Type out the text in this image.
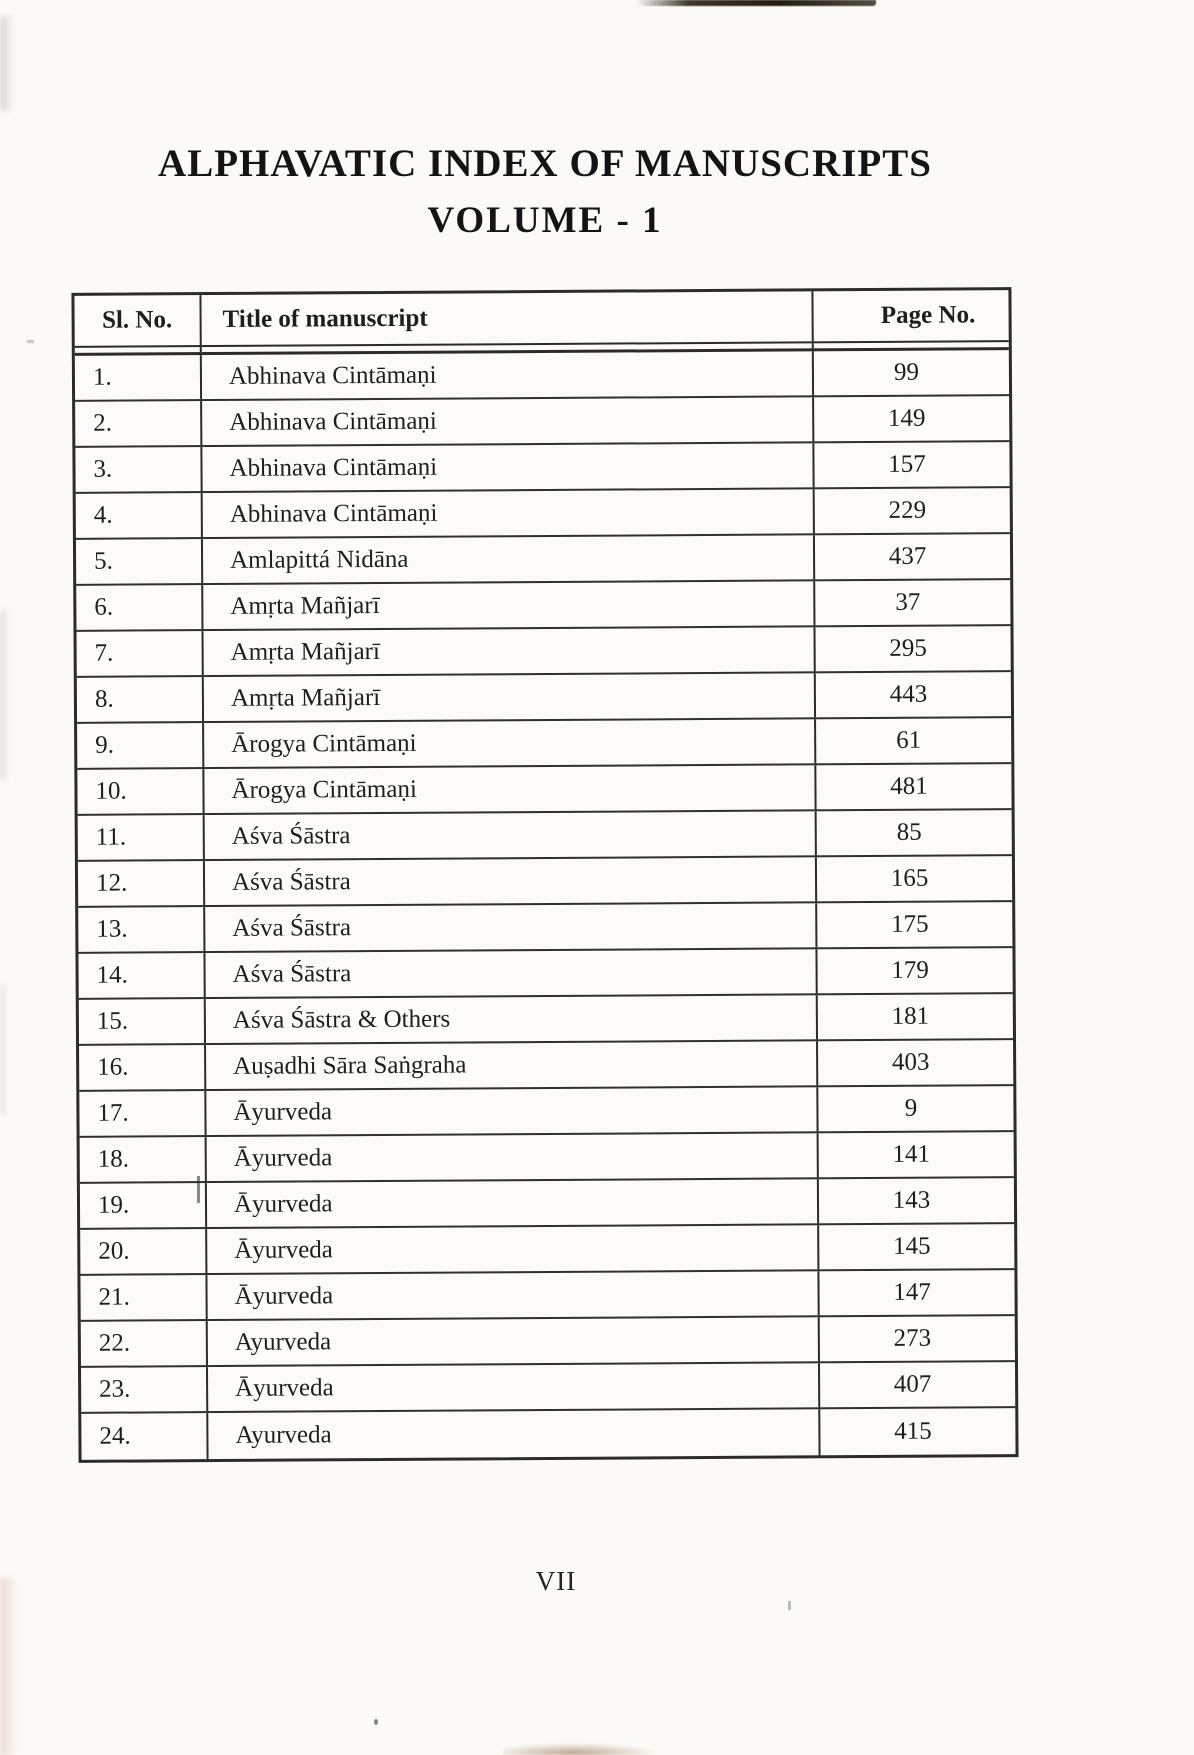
ALPHAVATIC INDEX OF MANUSCRIPTS
VOLUME - 1
Sl. No.	Title of manuscript	Page No.
1.	Abhinava Cintāmaṇi	99
2.	Abhinava Cintāmaṇi	149
3.	Abhinava Cintāmaṇi	157
4.	Abhinava Cintāmaṇi	229
5.	Amlapittá Nidāna	437
6.	Amṛta Mañjarī	37
7.	Amṛta Mañjarī	295
8.	Amṛta Mañjarī	443
9.	Ārogya Cintāmaṇi	61
10.	Ārogya Cintāmaṇi	481
11.	Aśva Śāstra	85
12.	Aśva Śāstra	165
13.	Aśva Śāstra	175
14.	Aśva Śāstra	179
15.	Aśva Śāstra & Others	181
16.	Auṣadhi Sāra Saṅgraha	403
17.	Āyurveda	9
18.	Āyurveda	141
19.	Āyurveda	143
20.	Āyurveda	145
21.	Āyurveda	147
22.	Ayurveda	273
23.	Āyurveda	407
24.	Ayurveda	415
VII
